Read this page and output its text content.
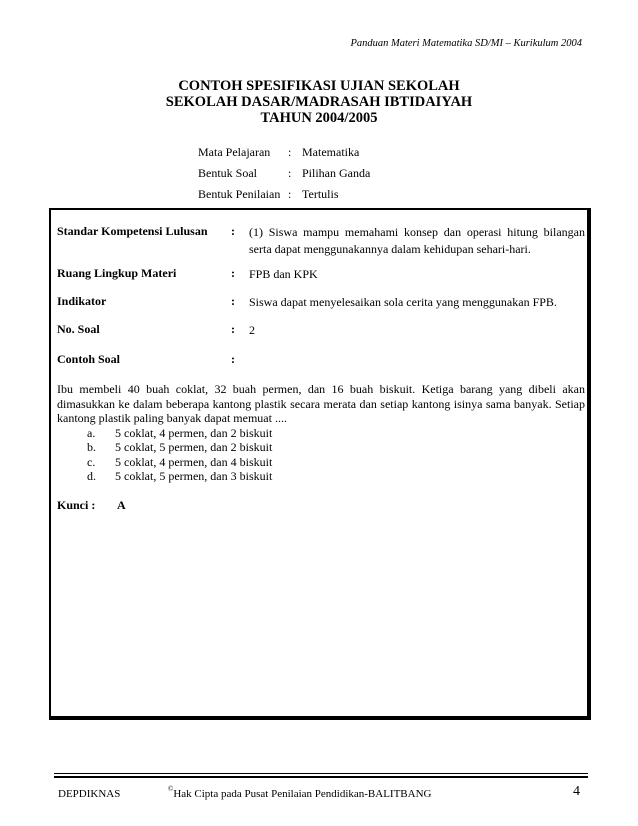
Panduan Materi Matematika SD/MI – Kurikulum 2004
CONTOH SPESIFIKASI UJIAN SEKOLAH
SEKOLAH DASAR/MADRASAH IBTIDAIYAH
TAHUN 2004/2005
Mata Pelajaran	: Matematika
Bentuk Soal	: Pilihan Ganda
Bentuk Penilaian : Tertulis
Standar Kompetensi Lulusan	:	(1) Siswa mampu memahami konsep dan operasi hitung bilangan serta dapat menggunakannya dalam kehidupan sehari-hari.
Ruang Lingkup Materi	:	FPB dan KPK
Indikator	:	Siswa dapat menyelesaikan sola cerita yang menggunakan FPB.
No. Soal	:	2
Contoh Soal	:
Ibu membeli 40 buah coklat, 32 buah permen, dan 16 buah biskuit. Ketiga barang yang dibeli akan dimasukkan ke dalam beberapa kantong plastik secara merata dan setiap kantong isinya sama banyak. Setiap kantong plastik paling banyak dapat memuat ....
a.	5 coklat, 4 permen, dan 2 biskuit
b.	5 coklat, 5 permen, dan 2 biskuit
c.	5 coklat, 4 permen, dan 4 biskuit
d.	5 coklat, 5 permen, dan 3 biskuit
Kunci :	A
DEPDIKNAS	©Hak Cipta pada Pusat Penilaian Pendidikan-BALITBANG	4
